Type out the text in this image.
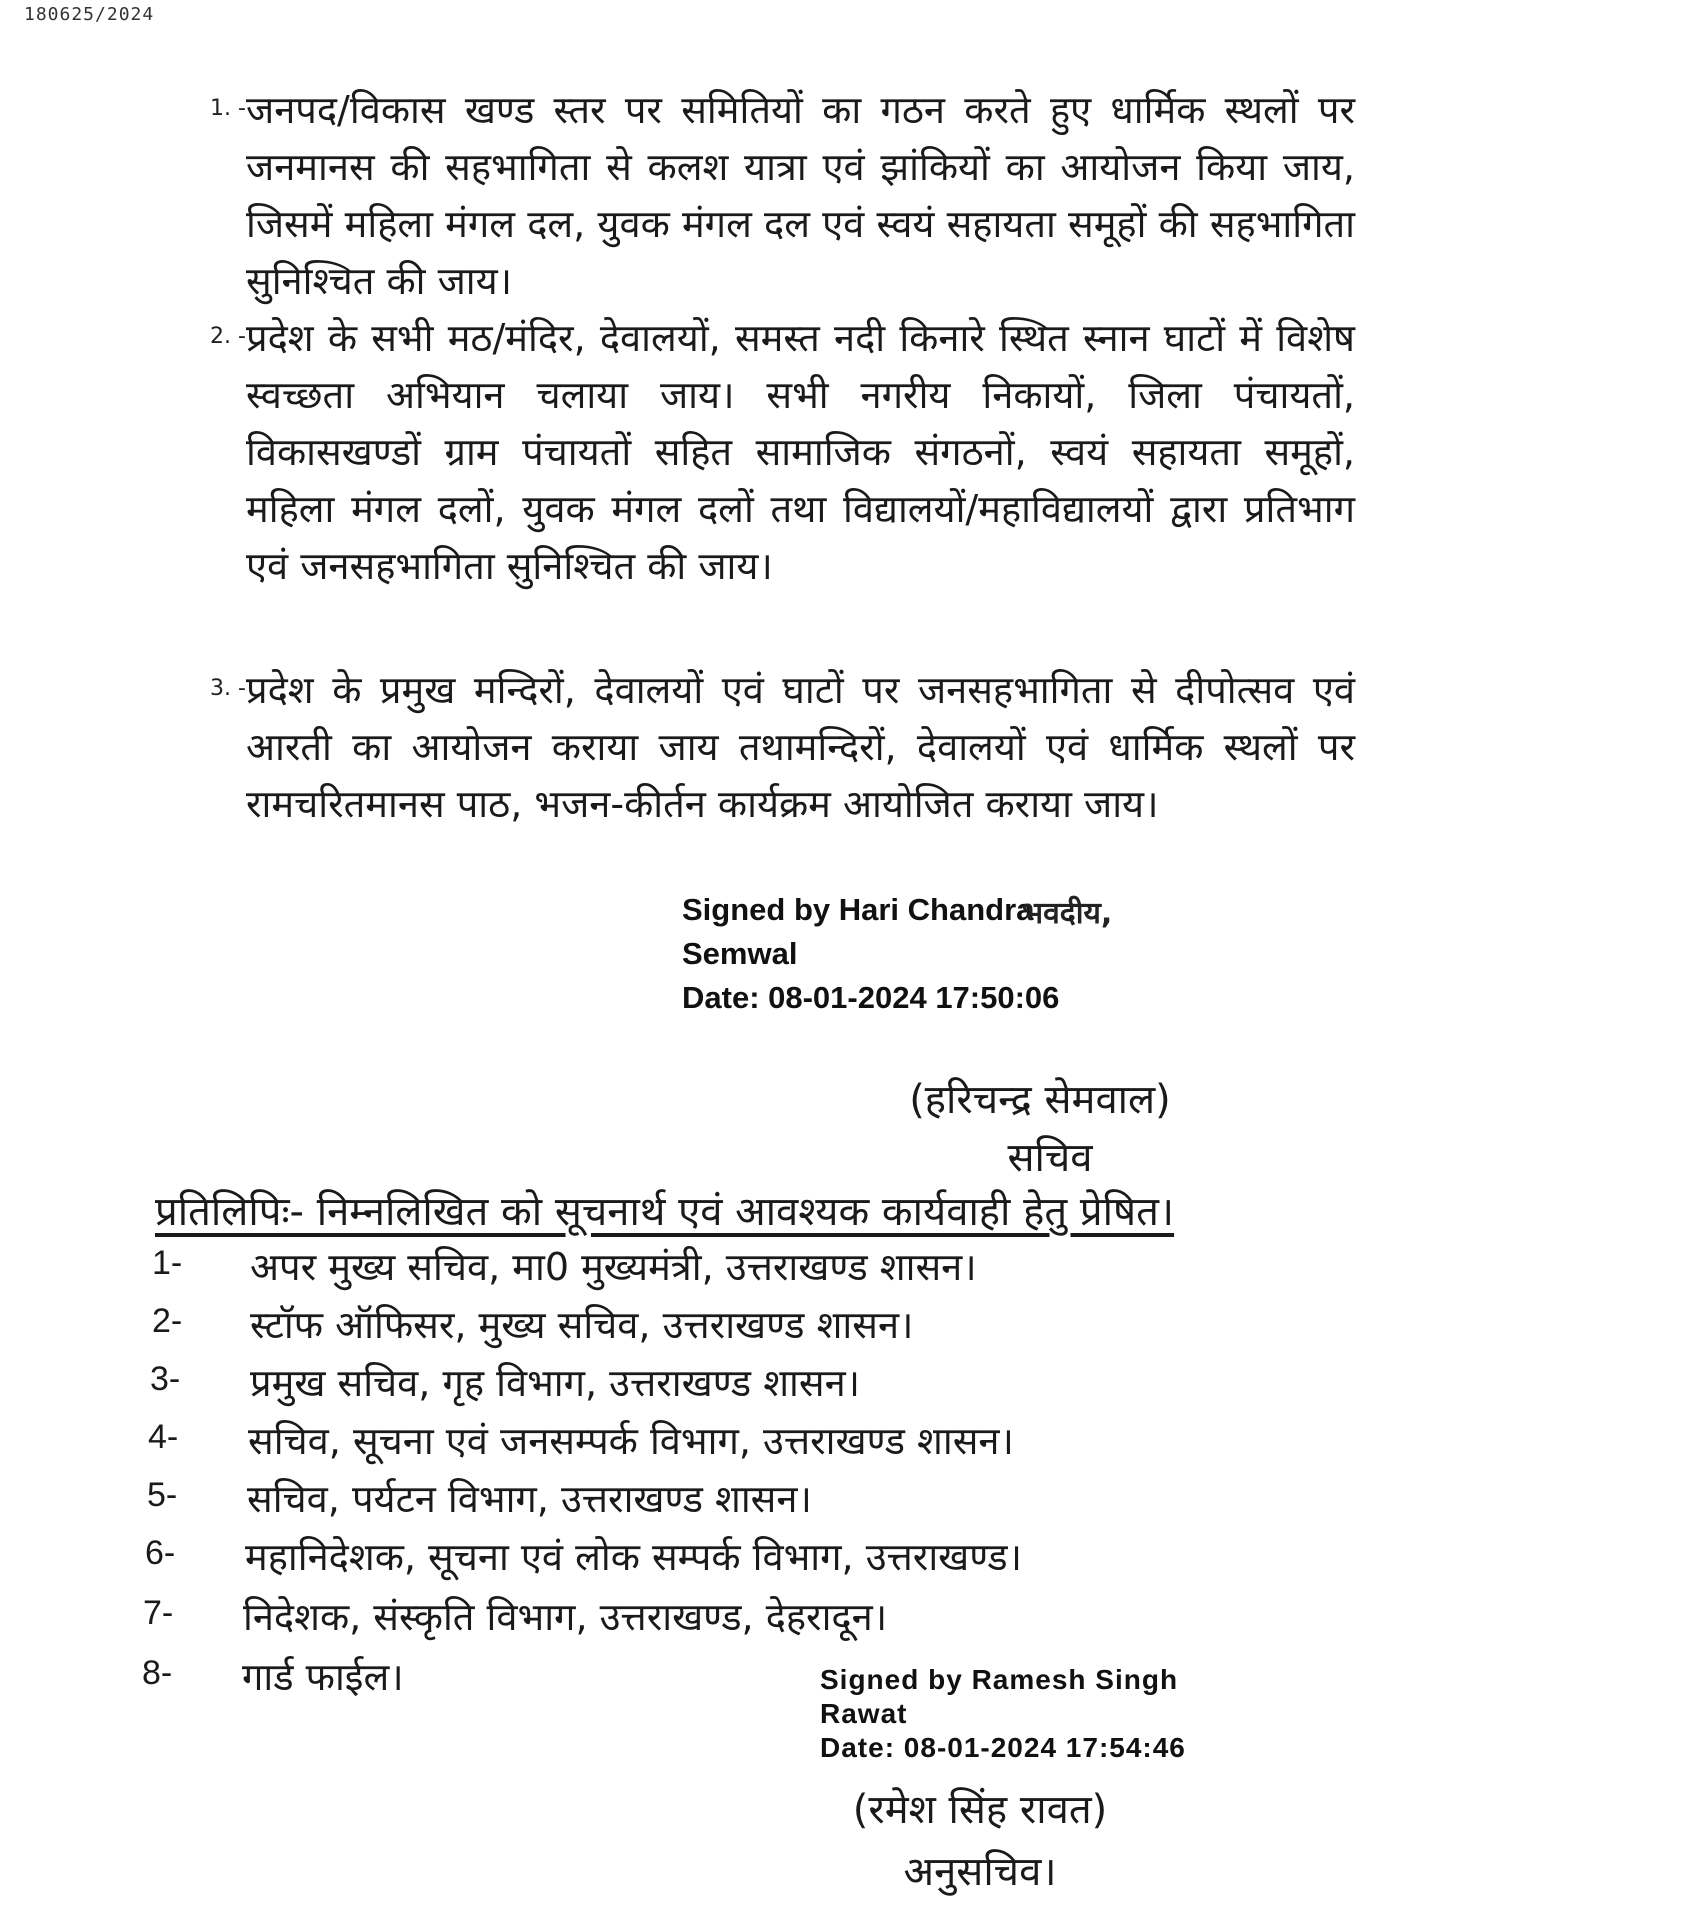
180625/2024
1. - जनपद/विकास खण्ड स्तर पर समितियों का गठन करते हुए धार्मिक स्थलों पर जनमानस की सहभागिता से कलश यात्रा एवं झांकियों का आयोजन किया जाय, जिसमें महिला मंगल दल, युवक मंगल दल एवं स्वयं सहायता समूहों की सहभागिता सुनिश्चित की जाय।
2. - प्रदेश के सभी मठ/मंदिर, देवालयों, समस्त नदी किनारे स्थित स्नान घाटों में विशेष स्वच्छता अभियान चलाया जाय। सभी नगरीय निकायों, जिला पंचायतों, विकासखण्डों ग्राम पंचायतों सहित सामाजिक संगठनों, स्वयं सहायता समूहों, महिला मंगल दलों, युवक मंगल दलों तथा विद्यालयों/महाविद्यालयों द्वारा प्रतिभाग एवं जनसहभागिता सुनिश्चित की जाय।
3. - प्रदेश के प्रमुख मन्दिरों, देवालयों एवं घाटों पर जनसहभागिता से दीपोत्सव एवं आरती का आयोजन कराया जाय तथामन्दिरों, देवालयों एवं धार्मिक स्थलों पर रामचरितमानस पाठ, भजन-कीर्तन कार्यक्रम आयोजित कराया जाय।
Signed by Hari Chandra
Semwal
Date: 08-01-2024 17:50:06
भवदीय,
(हरिचन्द्र सेमवाल)
सचिव
प्रतिलिपिः- निम्नलिखित को सूचनार्थ एवं आवश्यक कार्यवाही हेतु प्रेषित।
1- अपर मुख्य सचिव, मा0 मुख्यमंत्री, उत्तराखण्ड शासन।
2- स्टॉफ ऑफिसर, मुख्य सचिव, उत्तराखण्ड शासन।
3- प्रमुख सचिव, गृह विभाग, उत्तराखण्ड शासन।
4- सचिव, सूचना एवं जनसम्पर्क विभाग, उत्तराखण्ड शासन।
5- सचिव, पर्यटन विभाग, उत्तराखण्ड शासन।
6- महानिदेशक, सूचना एवं लोक सम्पर्क विभाग, उत्तराखण्ड।
7- निदेशक, संस्कृति विभाग, उत्तराखण्ड, देहरादून।
8- गार्ड फाईल।	Signed by Ramesh Singh
Rawat
Date: 08-01-2024 17:54:46
(रमेश सिंह रावत)
अनुसचिव।
